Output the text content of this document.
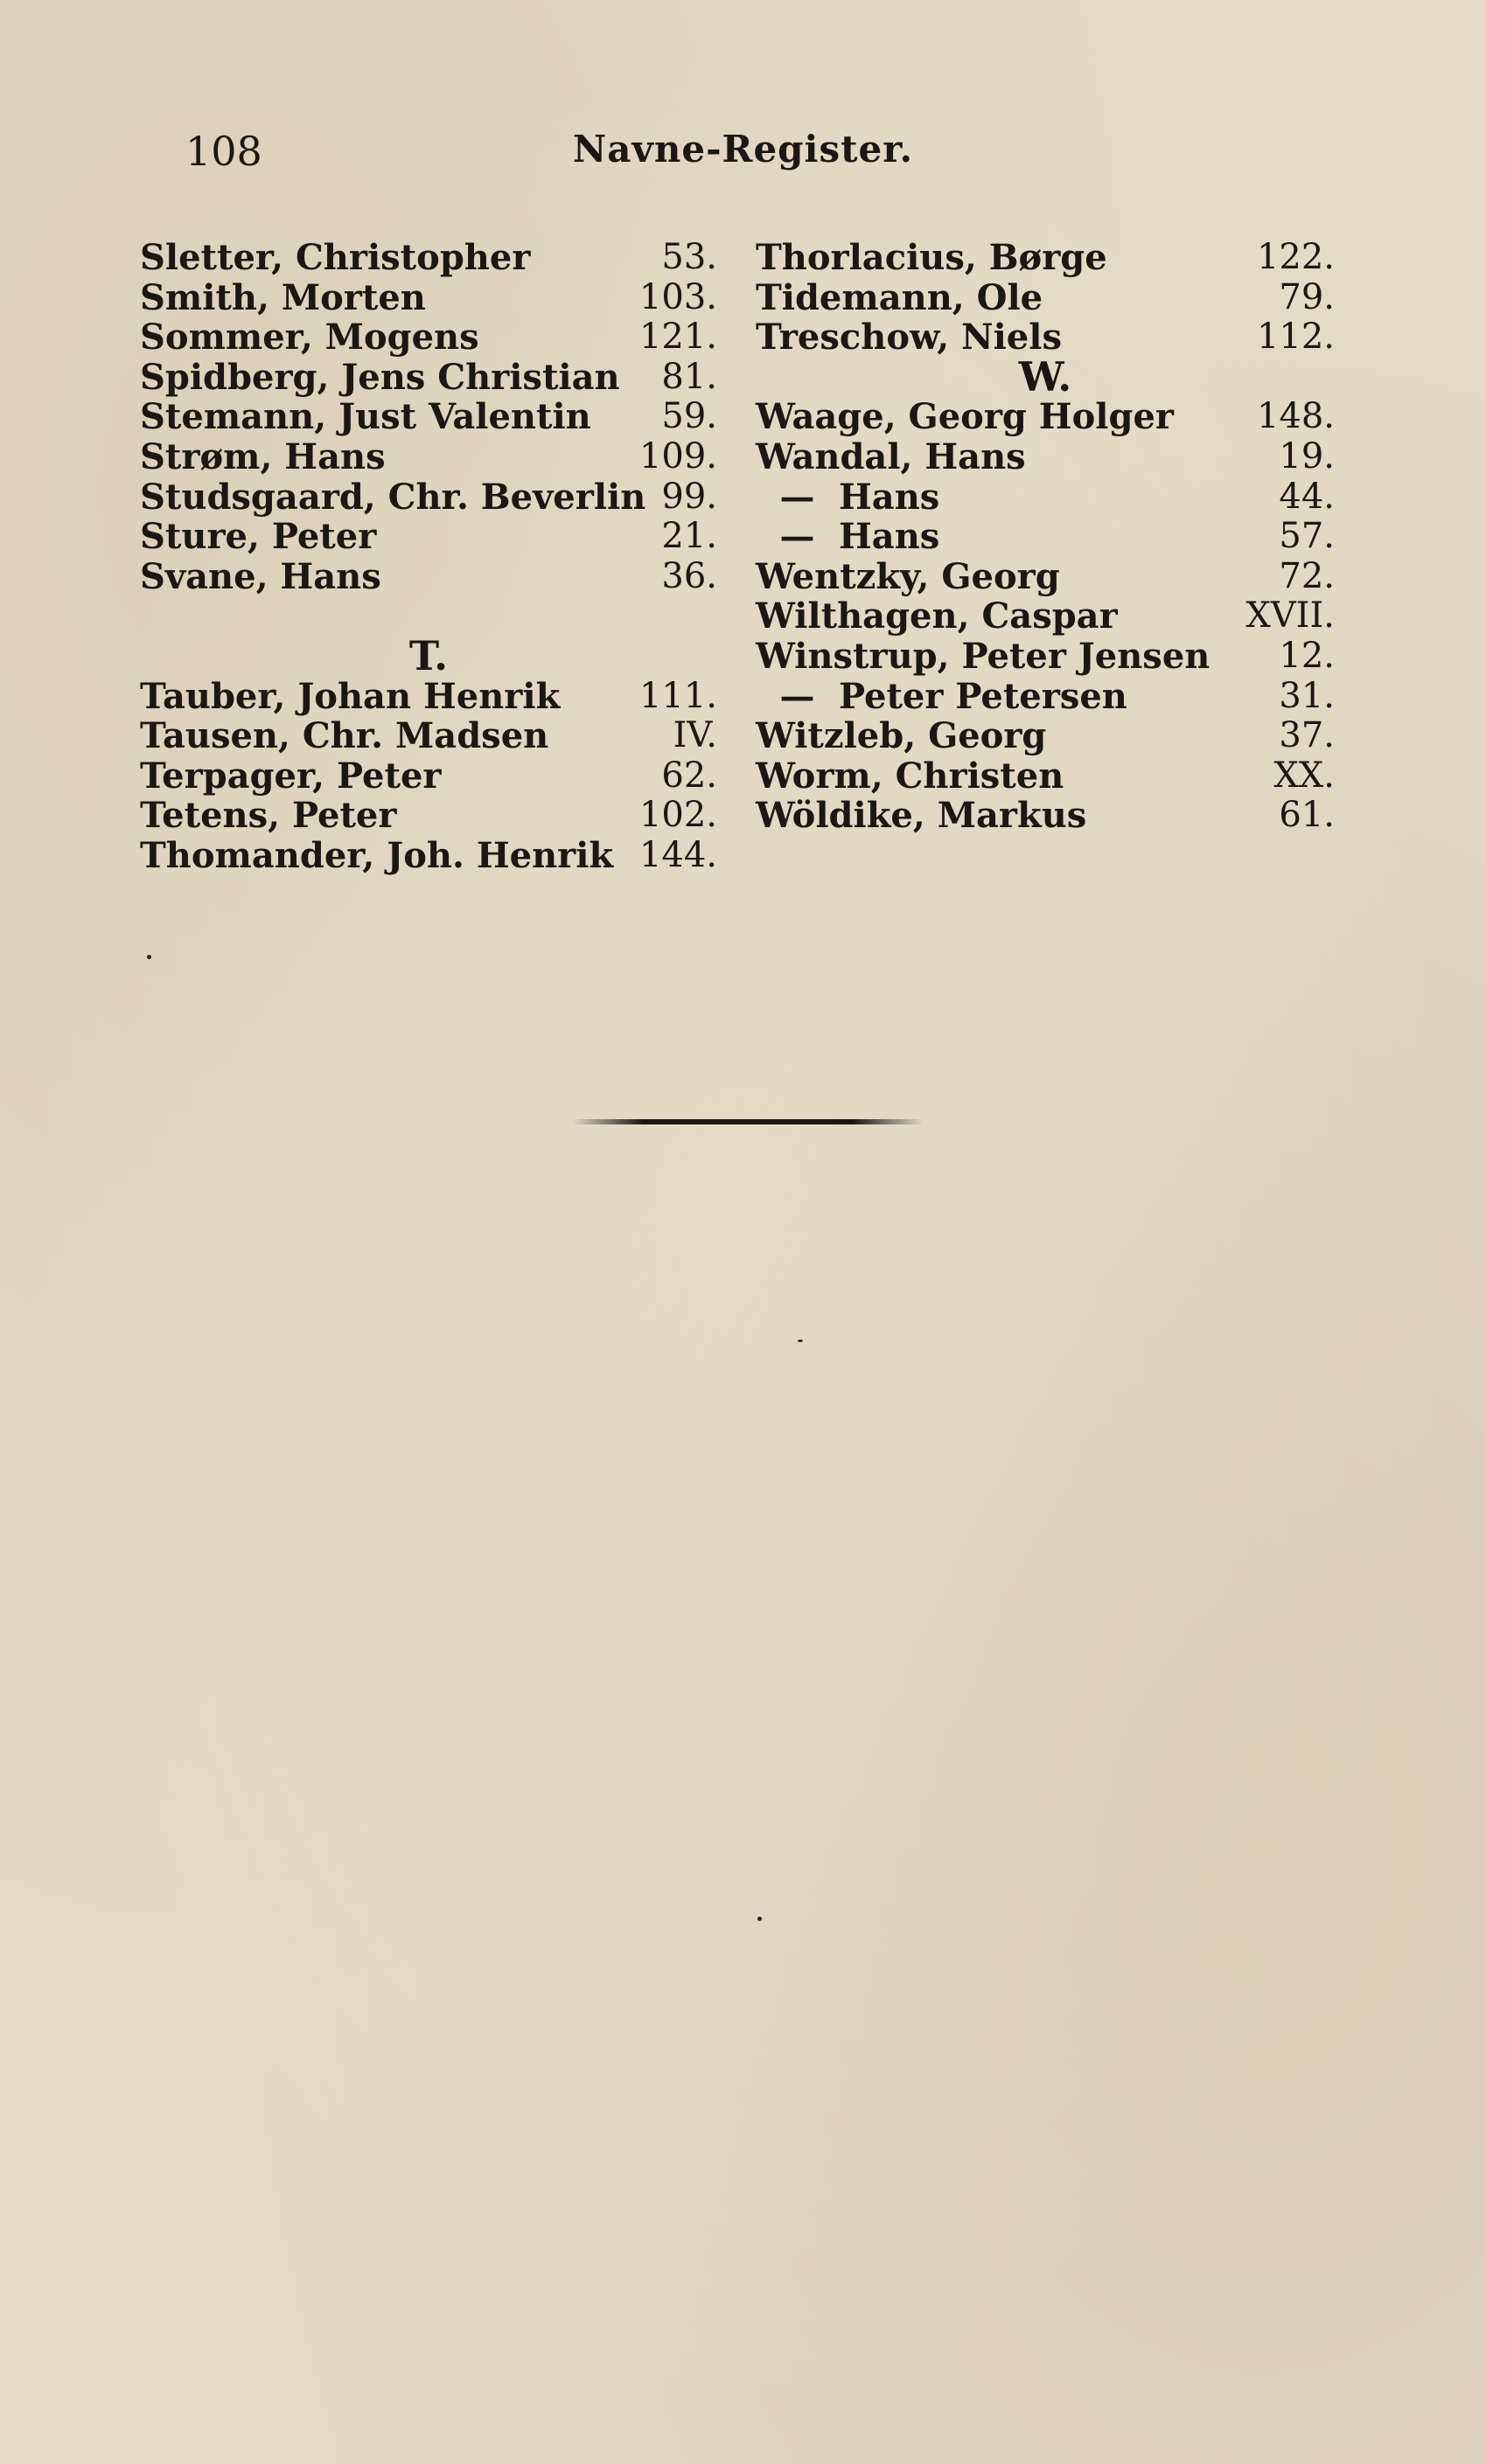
108	Navne-Register.
Sletter, Christopher	53.
Smith, Morten	103.
Sommer, Mogens	121.
Spidberg, Jens Christian 81.
Stemann, Just Valentin 59.
Strøm, Hans	109.
Studsgaard, Chr. Beverlin 99.
Sture, Peter	21.
Svane, Hans	36.
T.
Tauber, Johan Henrik 111.
Tausen, Chr. Madsen	IV.
Terpager, Peter	62.
Tetens, Peter	102.
Thomander, Joh. Henrik 144.
Thorlacius, Børge	122.
Tidemann, Ole	79.
Treschow, Niels	112.
W.
Waage, Georg Holger 148.
Wandal, Hans	19.
— Hans	44.
— Hans	57.
Wentzky, Georg	72.
Wilthagen, Caspar	XVII.
Winstrup, Peter Jensen 12.
— Peter Petersen	31.
Witzleb, Georg	37.
Worm, Christen	XX.
Wöldike, Markus	61.
